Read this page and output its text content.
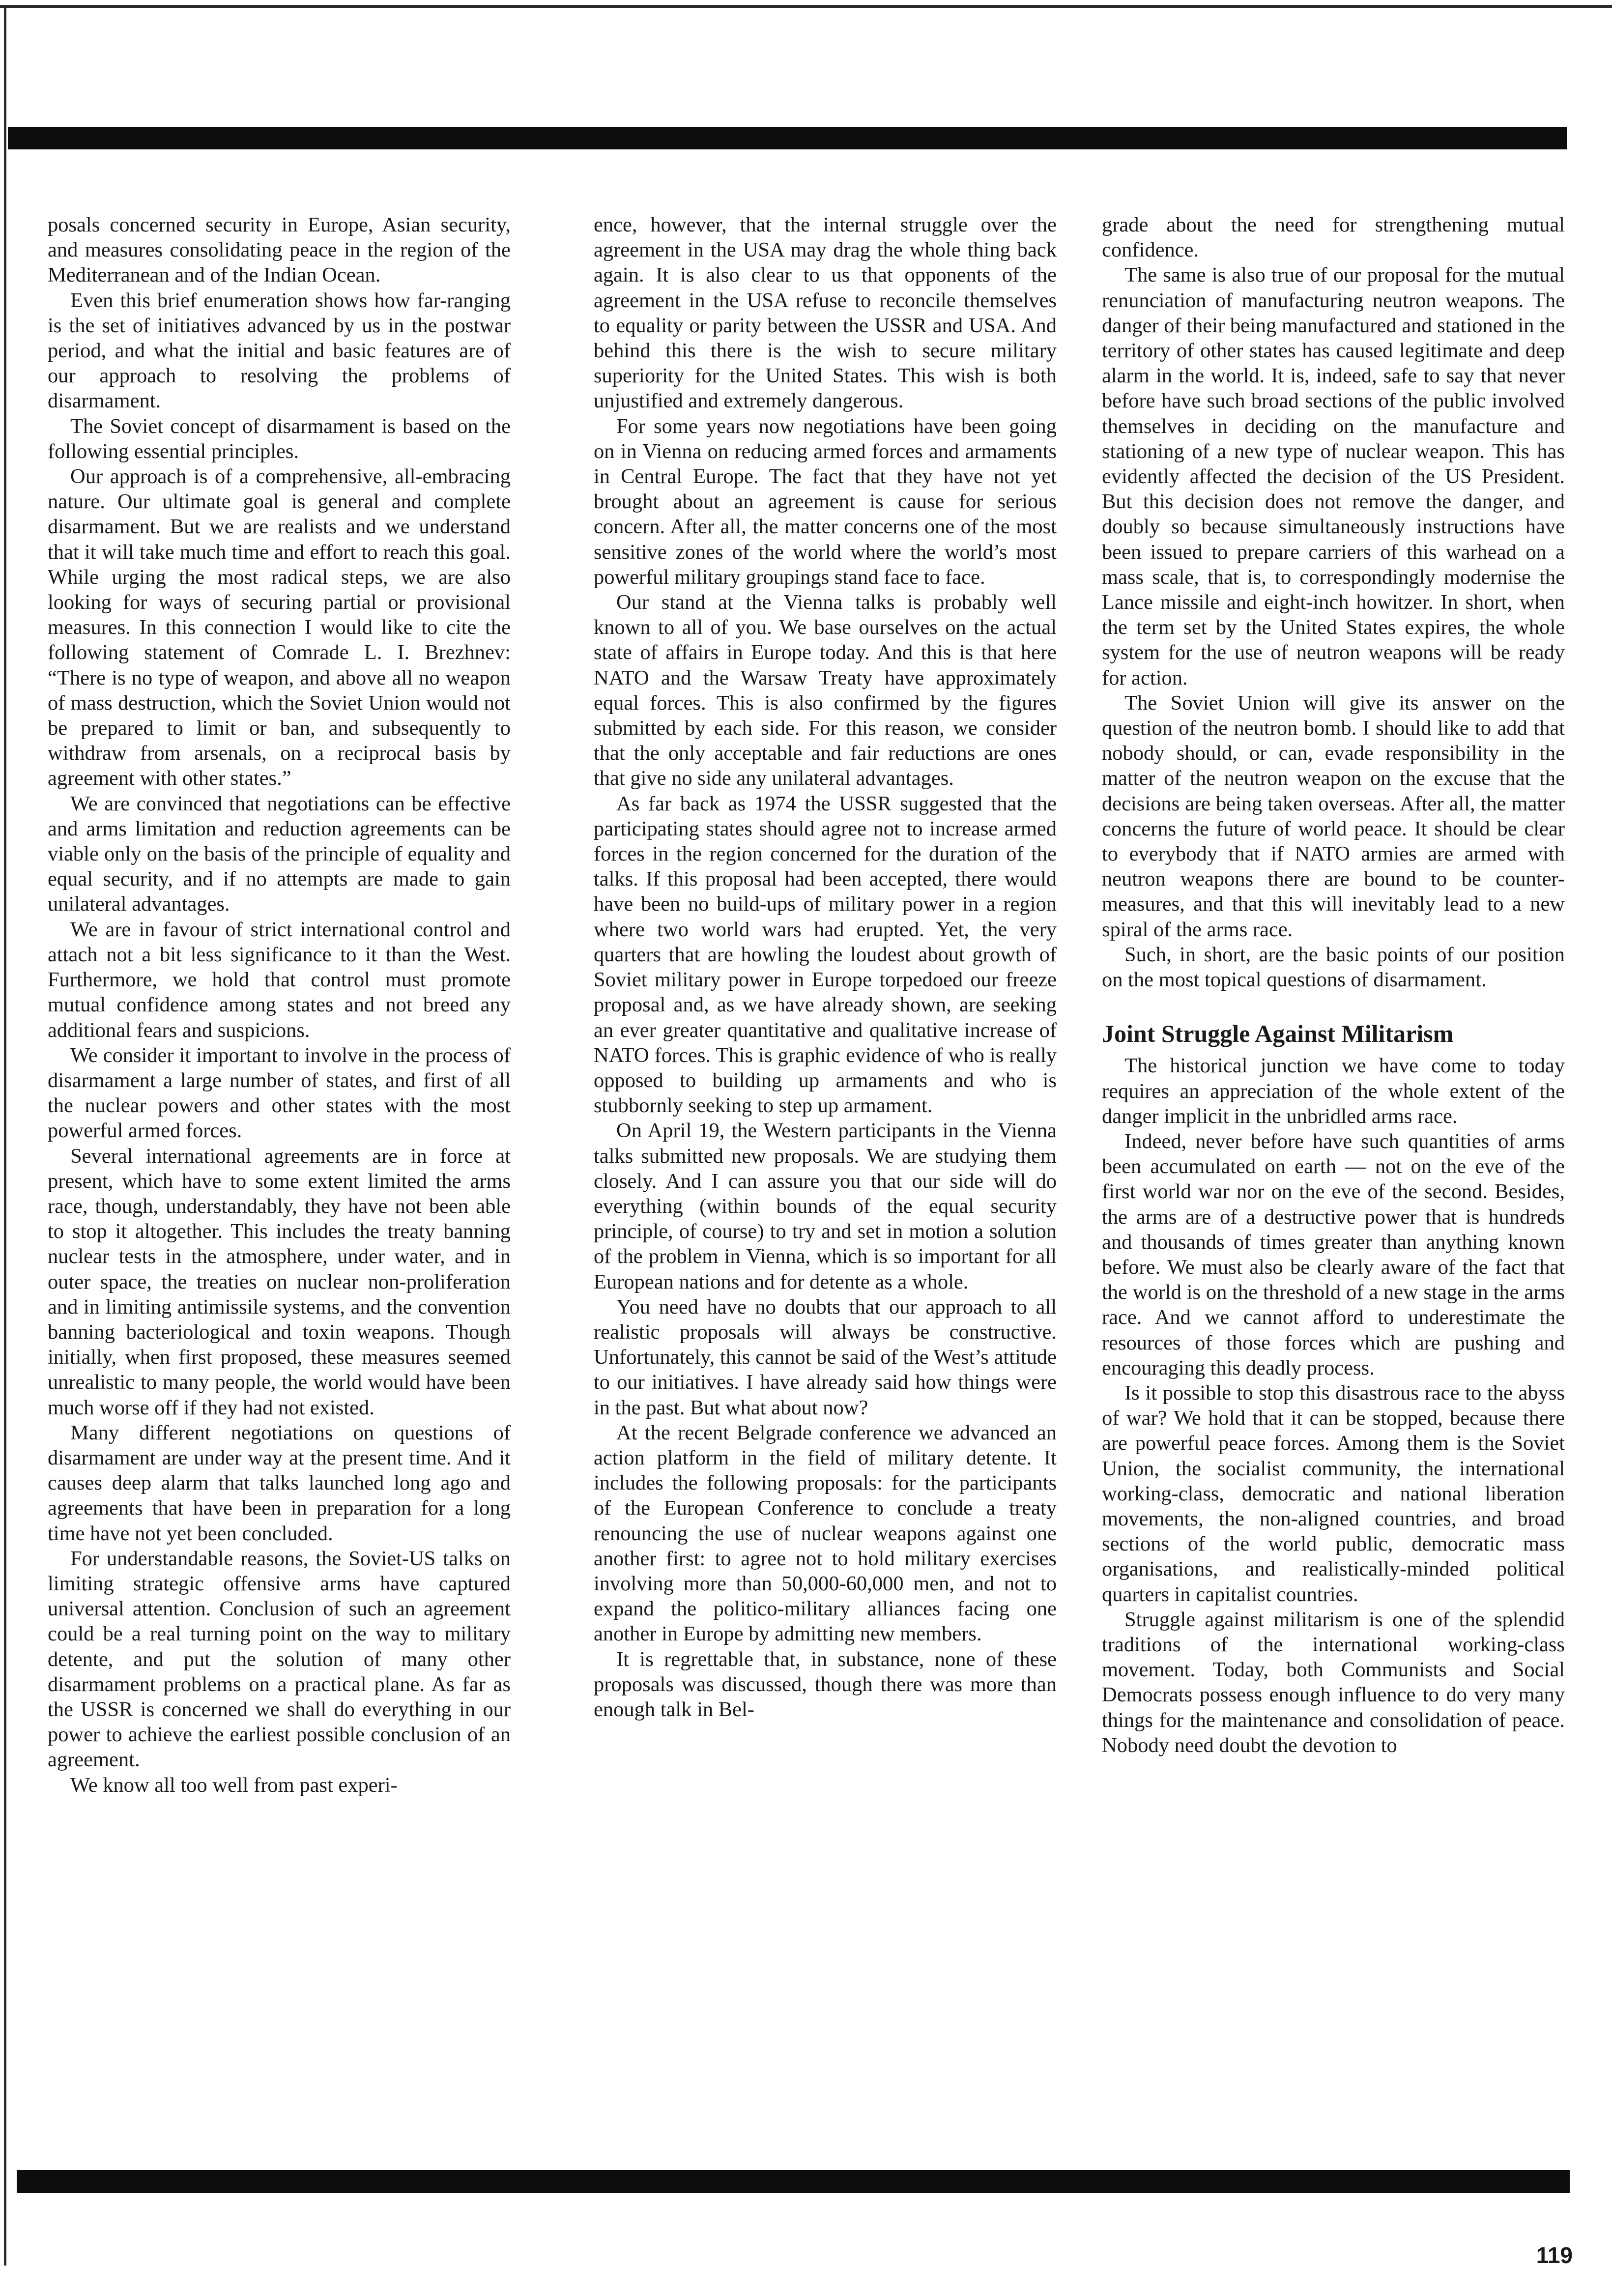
posals concerned security in Europe, Asian security, and measures consolidating peace in the region of the Mediterranean and of the Indian Ocean.

Even this brief enumeration shows how far-ranging is the set of initiatives advanced by us in the postwar period, and what the initial and basic features are of our approach to resolving the problems of disarmament.

The Soviet concept of disarmament is based on the following essential principles.

Our approach is of a comprehensive, all-embracing nature. Our ultimate goal is general and complete disarmament. But we are realists and we understand that it will take much time and effort to reach this goal. While urging the most radical steps, we are also looking for ways of securing partial or provisional measures. In this connection I would like to cite the following statement of Comrade L. I. Brezhnev: “There is no type of weapon, and above all no weapon of mass destruction, which the Soviet Union would not be prepared to limit or ban, and subsequently to withdraw from arsenals, on a reciprocal basis by agreement with other states.”

We are convinced that negotiations can be effective and arms limitation and reduction agreements can be viable only on the basis of the principle of equality and equal security, and if no attempts are made to gain unilateral advantages.

We are in favour of strict international control and attach not a bit less significance to it than the West. Furthermore, we hold that control must promote mutual confidence among states and not breed any additional fears and suspicions.

We consider it important to involve in the process of disarmament a large number of states, and first of all the nuclear powers and other states with the most powerful armed forces.

Several international agreements are in force at present, which have to some extent limited the arms race, though, understandably, they have not been able to stop it altogether. This includes the treaty banning nuclear tests in the atmosphere, under water, and in outer space, the treaties on nuclear non-proliferation and in limiting antimissile systems, and the convention banning bacteriological and toxin weapons. Though initially, when first proposed, these measures seemed unrealistic to many people, the world would have been much worse off if they had not existed.

Many different negotiations on questions of disarmament are under way at the present time. And it causes deep alarm that talks launched long ago and agreements that have been in preparation for a long time have not yet been concluded.

For understandable reasons, the Soviet-US talks on limiting strategic offensive arms have captured universal attention. Conclusion of such an agreement could be a real turning point on the way to military detente, and put the solution of many other disarmament problems on a practical plane. As far as the USSR is concerned we shall do everything in our power to achieve the earliest possible conclusion of an agreement.

We know all too well from past experi-

ence, however, that the internal struggle over the agreement in the USA may drag the whole thing back again. It is also clear to us that opponents of the agreement in the USA refuse to reconcile themselves to equality or parity between the USSR and USA. And behind this there is the wish to secure military superiority for the United States. This wish is both unjustified and extremely dangerous.

For some years now negotiations have been going on in Vienna on reducing armed forces and armaments in Central Europe. The fact that they have not yet brought about an agreement is cause for serious concern. After all, the matter concerns one of the most sensitive zones of the world where the world’s most powerful military groupings stand face to face.

Our stand at the Vienna talks is probably well known to all of you. We base ourselves on the actual state of affairs in Europe today. And this is that here NATO and the Warsaw Treaty have approximately equal forces. This is also confirmed by the figures submitted by each side. For this reason, we consider that the only acceptable and fair reductions are ones that give no side any unilateral advantages.

As far back as 1974 the USSR suggested that the participating states should agree not to increase armed forces in the region concerned for the duration of the talks. If this proposal had been accepted, there would have been no build-ups of military power in a region where two world wars had erupted. Yet, the very quarters that are howling the loudest about growth of Soviet military power in Europe torpedoed our freeze proposal and, as we have already shown, are seeking an ever greater quantitative and qualitative increase of NATO forces. This is graphic evidence of who is really opposed to building up armaments and who is stubbornly seeking to step up armament.

On April 19, the Western participants in the Vienna talks submitted new proposals. We are studying them closely. And I can assure you that our side will do everything (within bounds of the equal security principle, of course) to try and set in motion a solution of the problem in Vienna, which is so important for all European nations and for detente as a whole.

You need have no doubts that our approach to all realistic proposals will always be constructive. Unfortunately, this cannot be said of the West’s attitude to our initiatives. I have already said how things were in the past. But what about now?

At the recent Belgrade conference we advanced an action platform in the field of military detente. It includes the following proposals: for the participants of the European Conference to conclude a treaty renouncing the use of nuclear weapons against one another first: to agree not to hold military exercises involving more than 50,000-60,000 men, and not to expand the politico-military alliances facing one another in Europe by admitting new members.

It is regrettable that, in substance, none of these proposals was discussed, though there was more than enough talk in Bel-

grade about the need for strengthening mutual confidence.

The same is also true of our proposal for the mutual renunciation of manufacturing neutron weapons. The danger of their being manufactured and stationed in the territory of other states has caused legitimate and deep alarm in the world. It is, indeed, safe to say that never before have such broad sections of the public involved themselves in deciding on the manufacture and stationing of a new type of nuclear weapon. This has evidently affected the decision of the US President. But this decision does not remove the danger, and doubly so because simultaneously instructions have been issued to prepare carriers of this warhead on a mass scale, that is, to correspondingly modernise the Lance missile and eight-inch howitzer. In short, when the term set by the United States expires, the whole system for the use of neutron weapons will be ready for action.

The Soviet Union will give its answer on the question of the neutron bomb. I should like to add that nobody should, or can, evade responsibility in the matter of the neutron weapon on the excuse that the decisions are being taken overseas. After all, the matter concerns the future of world peace. It should be clear to everybody that if NATO armies are armed with neutron weapons there are bound to be counter-measures, and that this will inevitably lead to a new spiral of the arms race.

Such, in short, are the basic points of our position on the most topical questions of disarmament.

Joint Struggle Against Militarism

The historical junction we have come to today requires an appreciation of the whole extent of the danger implicit in the unbridled arms race.

Indeed, never before have such quantities of arms been accumulated on earth — not on the eve of the first world war nor on the eve of the second. Besides, the arms are of a destructive power that is hundreds and thousands of times greater than anything known before. We must also be clearly aware of the fact that the world is on the threshold of a new stage in the arms race. And we cannot afford to underestimate the resources of those forces which are pushing and encouraging this deadly process.

Is it possible to stop this disastrous race to the abyss of war? We hold that it can be stopped, because there are powerful peace forces. Among them is the Soviet Union, the socialist community, the international working-class, democratic and national liberation movements, the non-aligned countries, and broad sections of the world public, democratic mass organisations, and realistically-minded political quarters in capitalist countries.

Struggle against militarism is one of the splendid traditions of the international working-class movement. Today, both Communists and Social Democrats possess enough influence to do very many things for the maintenance and consolidation of peace. Nobody need doubt the devotion to

119
